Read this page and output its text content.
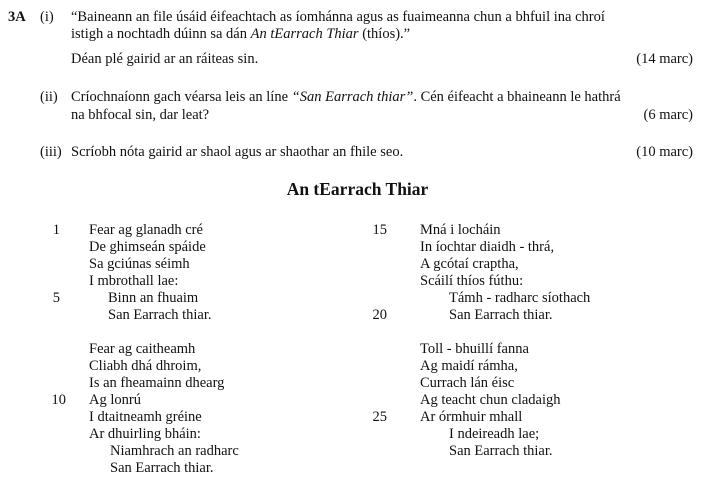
3A (i) “Baineann an file úsáid éifeachtach as íomhánna agus as fuaimeanna chun a bhfuil ina chroí
istigh a nochtadh dúinn sa dán An tEarrach Thiar (thíos).”
Déan plé gairid ar an ráiteas sin.	(14 marc)
(ii) Críochnaíonn gach véarsa leis an líne “San Earrach thiar”. Cén éifeacht a bhaineann le hathrá
na bhfocal sin, dar leat?	(6 marc)
(iii) Scríobh nóta gairid ar shaol agus ar shaothar an fhile seo.	(10 marc)
An tEarrach Thiar
Fear ag glanadh cré
De ghimseán spáide
Sa gciúnas séimh
I mbrothall lae:
Binn an fhuaim
San Earrach thiar.
Fear ag caitheamh
Cliabh dhá dhroim,
Is an fheamainn dhearg
Ag lonrú
I dtaitneamh gréine
Ar dhuirling bháin:
Niamhrach an radharc
San Earrach thiar.
Mná i locháin
In íochtar diaidh - thrá,
A gcótaí craptha,
Scáilí thíos fúthu:
Támh - radharc síothach
San Earrach thiar.
Toll - bhuillí fanna
Ag maidí rámha,
Currach lán éisc
Ag teacht chun cladaigh
Ar órmhuir mhall
I ndeireadh lae;
San Earrach thiar.
1
5
10
15
20
25
